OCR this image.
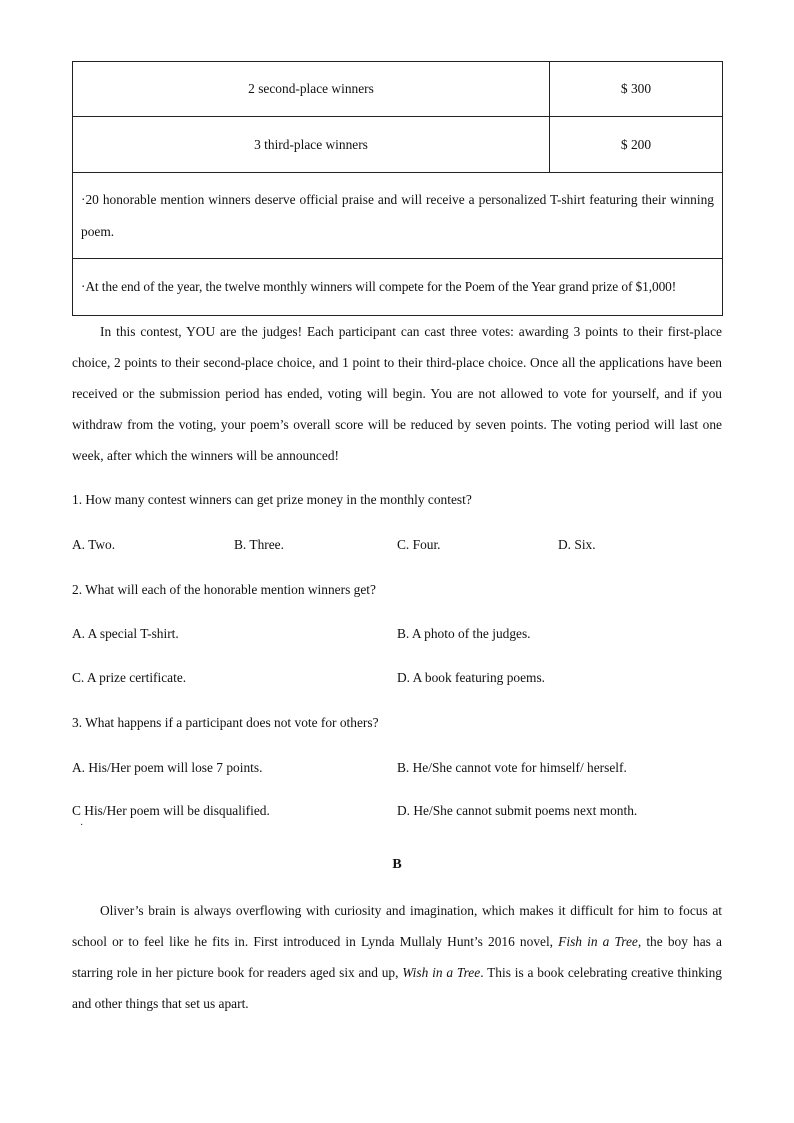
2 second-place winners	$ 300
3 third-place winners	$ 200
·20 honorable mention winners deserve official praise and will receive a personalized T-shirt featuring their winning poem.	
·At the end of the year, the twelve monthly winners will compete for the Poem of the Year grand prize of $1,000!	

In this contest, YOU are the judges! Each participant can cast three votes: awarding 3 points to their first-place choice, 2 points to their second-place choice, and 1 point to their third-place choice. Once all the applications have been received or the submission period has ended, voting will begin. You are not allowed to vote for yourself, and if you withdraw from the voting, your poem’s overall score will be reduced by seven points. The voting period will last one week, after which the winners will be announced!

1. How many contest winners can get prize money in the monthly contest?

A. Two.	B. Three.	C. Four.	D. Six.

2. What will each of the honorable mention winners get?

A. A special T-shirt.	B. A photo of the judges.

C. A prize certificate.	D. A book featuring poems.

3. What happens if a participant does not vote for others?

A. His/Her poem will lose 7 points.	B. He/She cannot vote for himself/ herself.

C His/Her poem will be disqualified.	D. He/She cannot submit poems next month.

·
B

Oliver’s brain is always overflowing with curiosity and imagination, which makes it difficult for him to focus at school or to feel like he fits in. First introduced in Lynda Mullaly Hunt’s 2016 novel, Fish in a Tree, the boy has a starring role in her picture book for readers aged six and up, Wish in a Tree. This is a book celebrating creative thinking and other things that set us apart.
